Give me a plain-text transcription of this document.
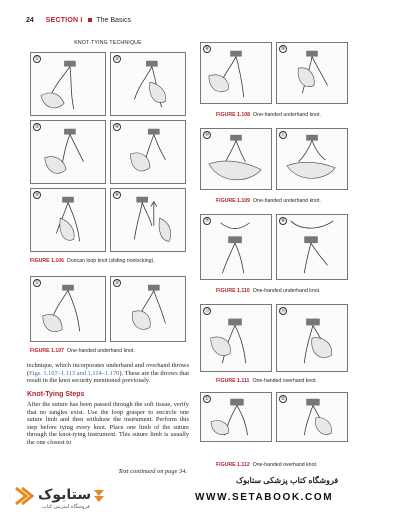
24 SECTION I The Basics
KNOT-TYING TECHNIQUE
①	②
③	④
⑤	⑥
FIGURE 1.106 Duncan loop knot (sliding nonlocking).
①	②
FIGURE 1.107 One-handed underhand knot.
technique, which incorporates underhand and overhand throws (Figs. 1.107–1.113 and 1.114–1.170). These are the throws that result in the knot security mentioned previously.
Knot-Tying Steps
After the suture has been passed through the soft tissue, verify that no tangles exist. Use the loop grasper to encircle one suture limb and then withdraw the instrument. Perform this step before tying every knot. Place one limb of the suture through the knot-tying instrument. This suture limb is usually the one closest to
Text continued on page 34.
⑧	⑨
FIGURE 1.108 One-handed underhand knot.
⑩	⑪
FIGURE 1.109 One-handed underhand knot.
⑦	⑧
FIGURE 1.110 One-handed underhand knot.
⑬	⑭
FIGURE 1.111 One-handed overhand knot.
①	②
FIGURE 1.112 One-handed overhand knot.
ستابوک
فروشگاه اینترنتی کتاب
فروشگاه کتاب پزشکی ستابوک
WWW.SETABOOK.COM
